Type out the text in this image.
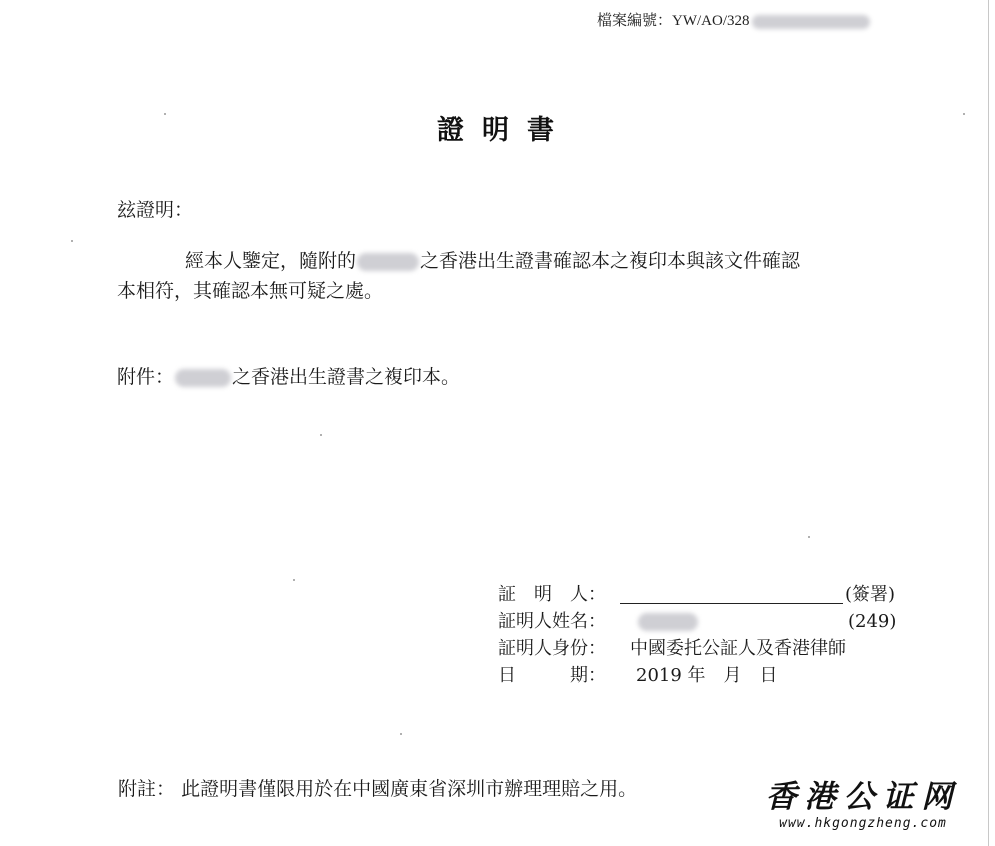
檔案編號：YW/AO/328
證明書
玆證明：
經本人鑒定，隨附的	之香港出生證書確認本之複印本與該文件確認
本相符，其確認本無可疑之處。
附件：	之香港出生證書之複印本。
証　明　人：	(簽署)
証明人姓名：	(249)
証明人身份： 中國委托公証人及香港律師
日　　　期： 2019 年　月　日
附註： 此證明書僅限用於在中國廣東省深圳市辦理理賠之用。	香港公证网
www.hkgongzheng.com
